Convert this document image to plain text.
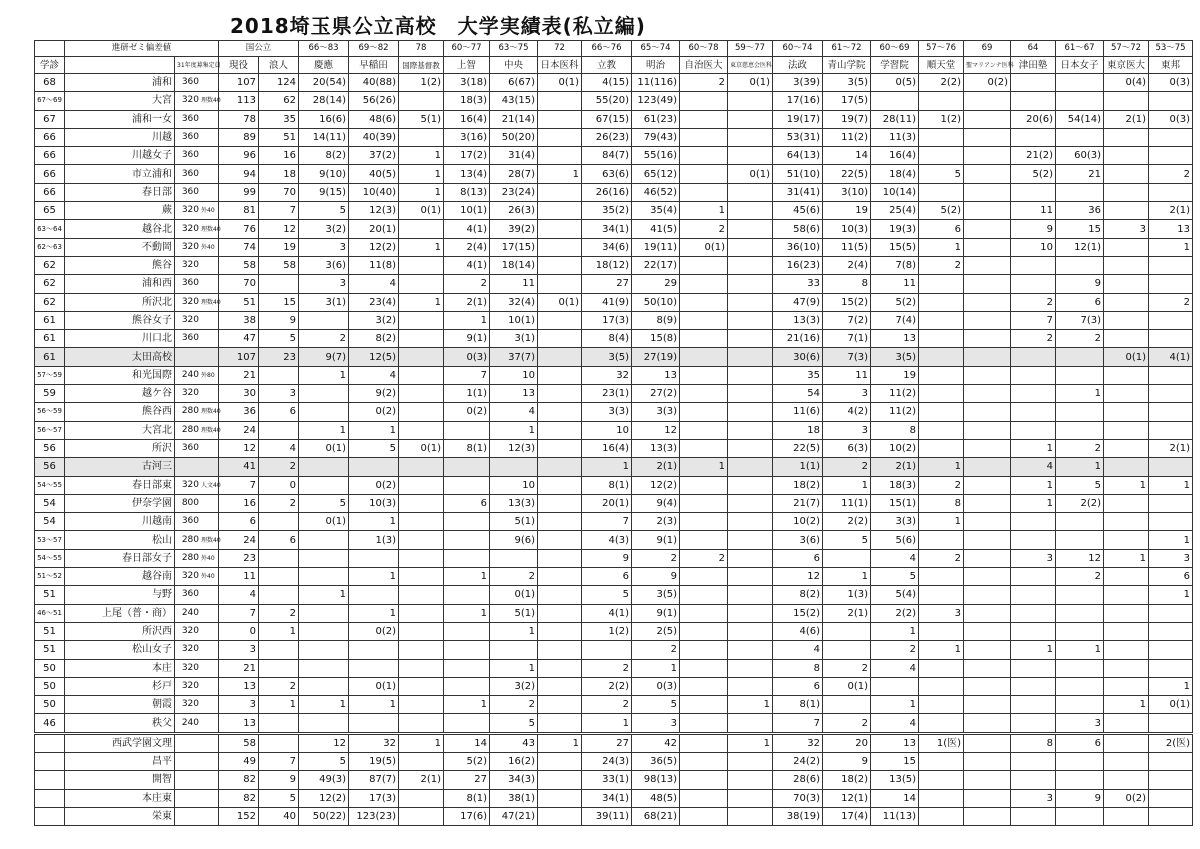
2018埼玉県公立高校　大学実績表(私立編)
	進研ゼミ偏差値		国公立		66～83	69～82	78	60～77	63～75	72	66～76	65～74	60～78	59～77	60～74	61～72	60～69	57～76	69	64	61～67	57～72	53～75
学診		31年度募集定員	現役	浪人	慶應	早稲田	国際基督教	上智	中央	日本医科	立教	明治	自治医大	東京慈恵会医科	法政	青山学院	学習院	順天堂	聖マリアンナ医科	津田塾	日本女子	東京医大	東邦
68	浦和	360	107	124	20(54)	40(88)	1(2)	3(18)	6(67)	0(1)	4(15)	11(116)	2	0(1)	3(39)	3(5)	0(5)	2(2)	0(2)			0(4)	0(3)
67～69	大宮	320 理数40	113	62	28(14)	56(26)		18(3)	43(15)		55(20)	123(49)			17(16)	17(5)							
67	浦和一女	360	78	35	16(6)	48(6)	5(1)	16(4)	21(14)		67(15)	61(23)			19(17)	19(7)	28(11)	1(2)		20(6)	54(14)	2(1)	0(3)
66	川越	360	89	51	14(11)	40(39)		3(16)	50(20)		26(23)	79(43)			53(31)	11(2)	11(3)						
66	川越女子	360	96	16	8(2)	37(2)	1	17(2)	31(4)		84(7)	55(16)			64(13)	14	16(4)			21(2)	60(3)		
66	市立浦和	360	94	18	9(10)	40(5)	1	13(4)	28(7)	1	63(6)	65(12)		0(1)	51(10)	22(5)	18(4)	5		5(2)	21		2
66	春日部	360	99	70	9(15)	10(40)	1	8(13)	23(24)		26(16)	46(52)			31(41)	3(10)	10(14)						
65	蕨	320 外40	81	7	5	12(3)	0(1)	10(1)	26(3)		35(2)	35(4)	1		45(6)	19	25(4)	5(2)		11	36		2(1)
63～64	越谷北	320 理数40	76	12	3(2)	20(1)		4(1)	39(2)		34(1)	41(5)	2		58(6)	10(3)	19(3)	6		9	15	3	13
62～63	不動岡	320 外40	74	19	3	12(2)	1	2(4)	17(15)		34(6)	19(11)	0(1)		36(10)	11(5)	15(5)	1		10	12(1)		1
62	熊谷	320	58	58	3(6)	11(8)		4(1)	18(14)		18(12)	22(17)			16(23)	2(4)	7(8)	2					
62	浦和西	360	70		3	4		2	11		27	29			33	8	11				9		
62	所沢北	320 理数40	51	15	3(1)	23(4)	1	2(1)	32(4)	0(1)	41(9)	50(10)			47(9)	15(2)	5(2)			2	6		2
61	熊谷女子	320	38	9		3(2)		1	10(1)		17(3)	8(9)			13(3)	7(2)	7(4)			7	7(3)		
61	川口北	360	47	5	2	8(2)		9(1)	3(1)		8(4)	15(8)			21(16)	7(1)	13			2	2		
61	太田高校		107	23	9(7)	12(5)		0(3)	37(7)		3(5)	27(19)			30(6)	7(3)	3(5)					0(1)	4(1)
57～59	和光国際	240 外80	21		1	4		7	10		32	13			35	11	19						
59	越ケ谷	320	30	3		9(2)		1(1)	13		23(1)	27(2)			54	3	11(2)				1		
56～59	熊谷西	280 理数40	36	6		0(2)		0(2)	4		3(3)	3(3)			11(6)	4(2)	11(2)						
56～57	大宮北	280 理数40	24		1	1			1		10	12			18	3	8						
56	所沢	360	12	4	0(1)	5	0(1)	8(1)	12(3)		16(4)	13(3)			22(5)	6(3)	10(2)			1	2		2(1)
56	古河三		41	2							1	2(1)	1		1(1)	2	2(1)	1		4	1		
54～55	春日部東	320 人文40	7	0		0(2)			10		8(1)	12(2)			18(2)	1	18(3)	2		1	5	1	1
54	伊奈学園	800	16	2	5	10(3)		6	13(3)		20(1)	9(4)			21(7)	11(1)	15(1)	8		1	2(2)		
54	川越南	360	6		0(1)	1			5(1)		7	2(3)			10(2)	2(2)	3(3)	1					
53～57	松山	280 理数40	24	6		1(3)			9(6)		4(3)	9(1)			3(6)	5	5(6)						1
54～55	春日部女子	280 外40	23								9	2	2		6		4	2		3	12	1	3
51～52	越谷南	320 外40	11			1		1	2		6	9			12	1	5				2		6
51	与野	360	4		1				0(1)		5	3(5)			8(2)	1(3)	5(4)						1
46～51	上尾（普・商）	240	7	2		1		1	5(1)		4(1)	9(1)			15(2)	2(1)	2(2)	3					
51	所沢西	320	0	1		0(2)			1		1(2)	2(5)			4(6)		1						
51	松山女子	320	3									2			4		2	1		1	1		
50	本庄	320	21						1		2	1			8	2	4						
50	杉戸	320	13	2		0(1)			3(2)		2(2)	0(3)			6	0(1)							1
50	朝霞	320	3	1	1	1		1	2		2	5		1	8(1)		1					1	0(1)
46	秩父	240	13						5		1	3			7	2	4				3		
	西武学園文理		58		12	32	1	14	43	1	27	42		1	32	20	13	1(医)		8	6		2(医)
	昌平		49	7	5	19(5)		5(2)	16(2)		24(3)	36(5)			24(2)	9	15						
	開智		82	9	49(3)	87(7)	2(1)	27	34(3)		33(1)	98(13)			28(6)	18(2)	13(5)						
	本庄東		82	5	12(2)	17(3)		8(1)	38(1)		34(1)	48(5)			70(3)	12(1)	14			3	9	0(2)	
	栄東		152	40	50(22)	123(23)		17(6)	47(21)		39(11)	68(21)			38(19)	17(4)	11(13)						
